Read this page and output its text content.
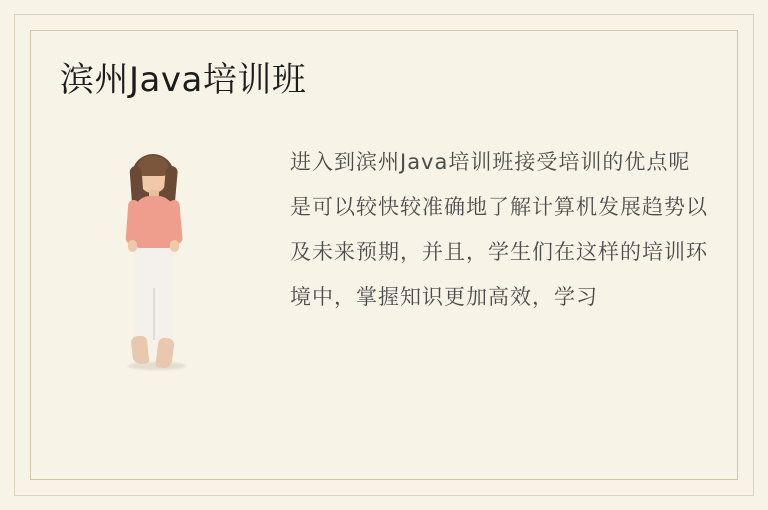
滨州Java培训班
进入到滨州Java培训班接受培训的优点呢是可以较快较准确地了解计算机发展趋势以及未来预期，并且，学生们在这样的培训环境中，掌握知识更加高效，学习
